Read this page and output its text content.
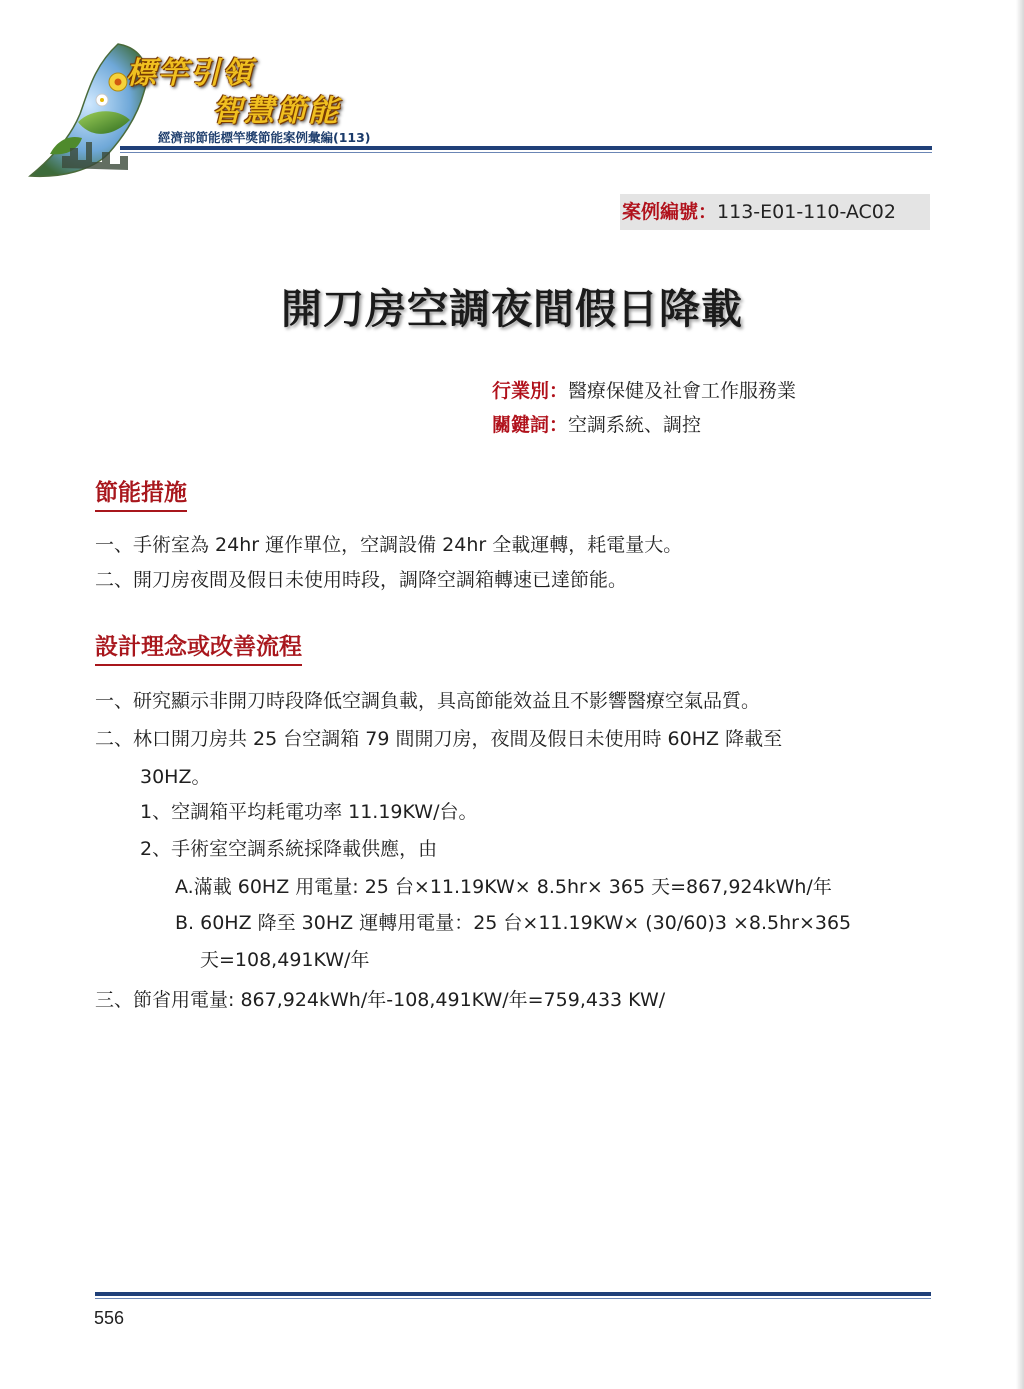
標竿引領
智慧節能
經濟部節能標竿獎節能案例彙編(113)
案例編號：113-E01-110-AC02
開刀房空調夜間假日降載
行業別：醫療保健及社會工作服務業
關鍵詞：空調系統、調控
節能措施
一、手術室為 24hr 運作單位，空調設備 24hr 全載運轉，耗電量大。
二、開刀房夜間及假日未使用時段，調降空調箱轉速已達節能。
設計理念或改善流程
一、研究顯示非開刀時段降低空調負載，具高節能效益且不影響醫療空氣品質。
二、林口開刀房共 25 台空調箱 79 間開刀房，夜間及假日未使用時 60HZ 降載至
30HZ。
1、空調箱平均耗電功率 11.19KW/台。
2、手術室空調系統採降載供應，由
A.滿載 60HZ 用電量: 25 台×11.19KW× 8.5hr× 365 天=867,924kWh/年
B. 60HZ 降至 30HZ 運轉用電量：25 台×11.19KW× (30/60)3 ×8.5hr×365
天=108,491KW/年
三、節省用電量: 867,924kWh/年-108,491KW/年=759,433 KW/
556
